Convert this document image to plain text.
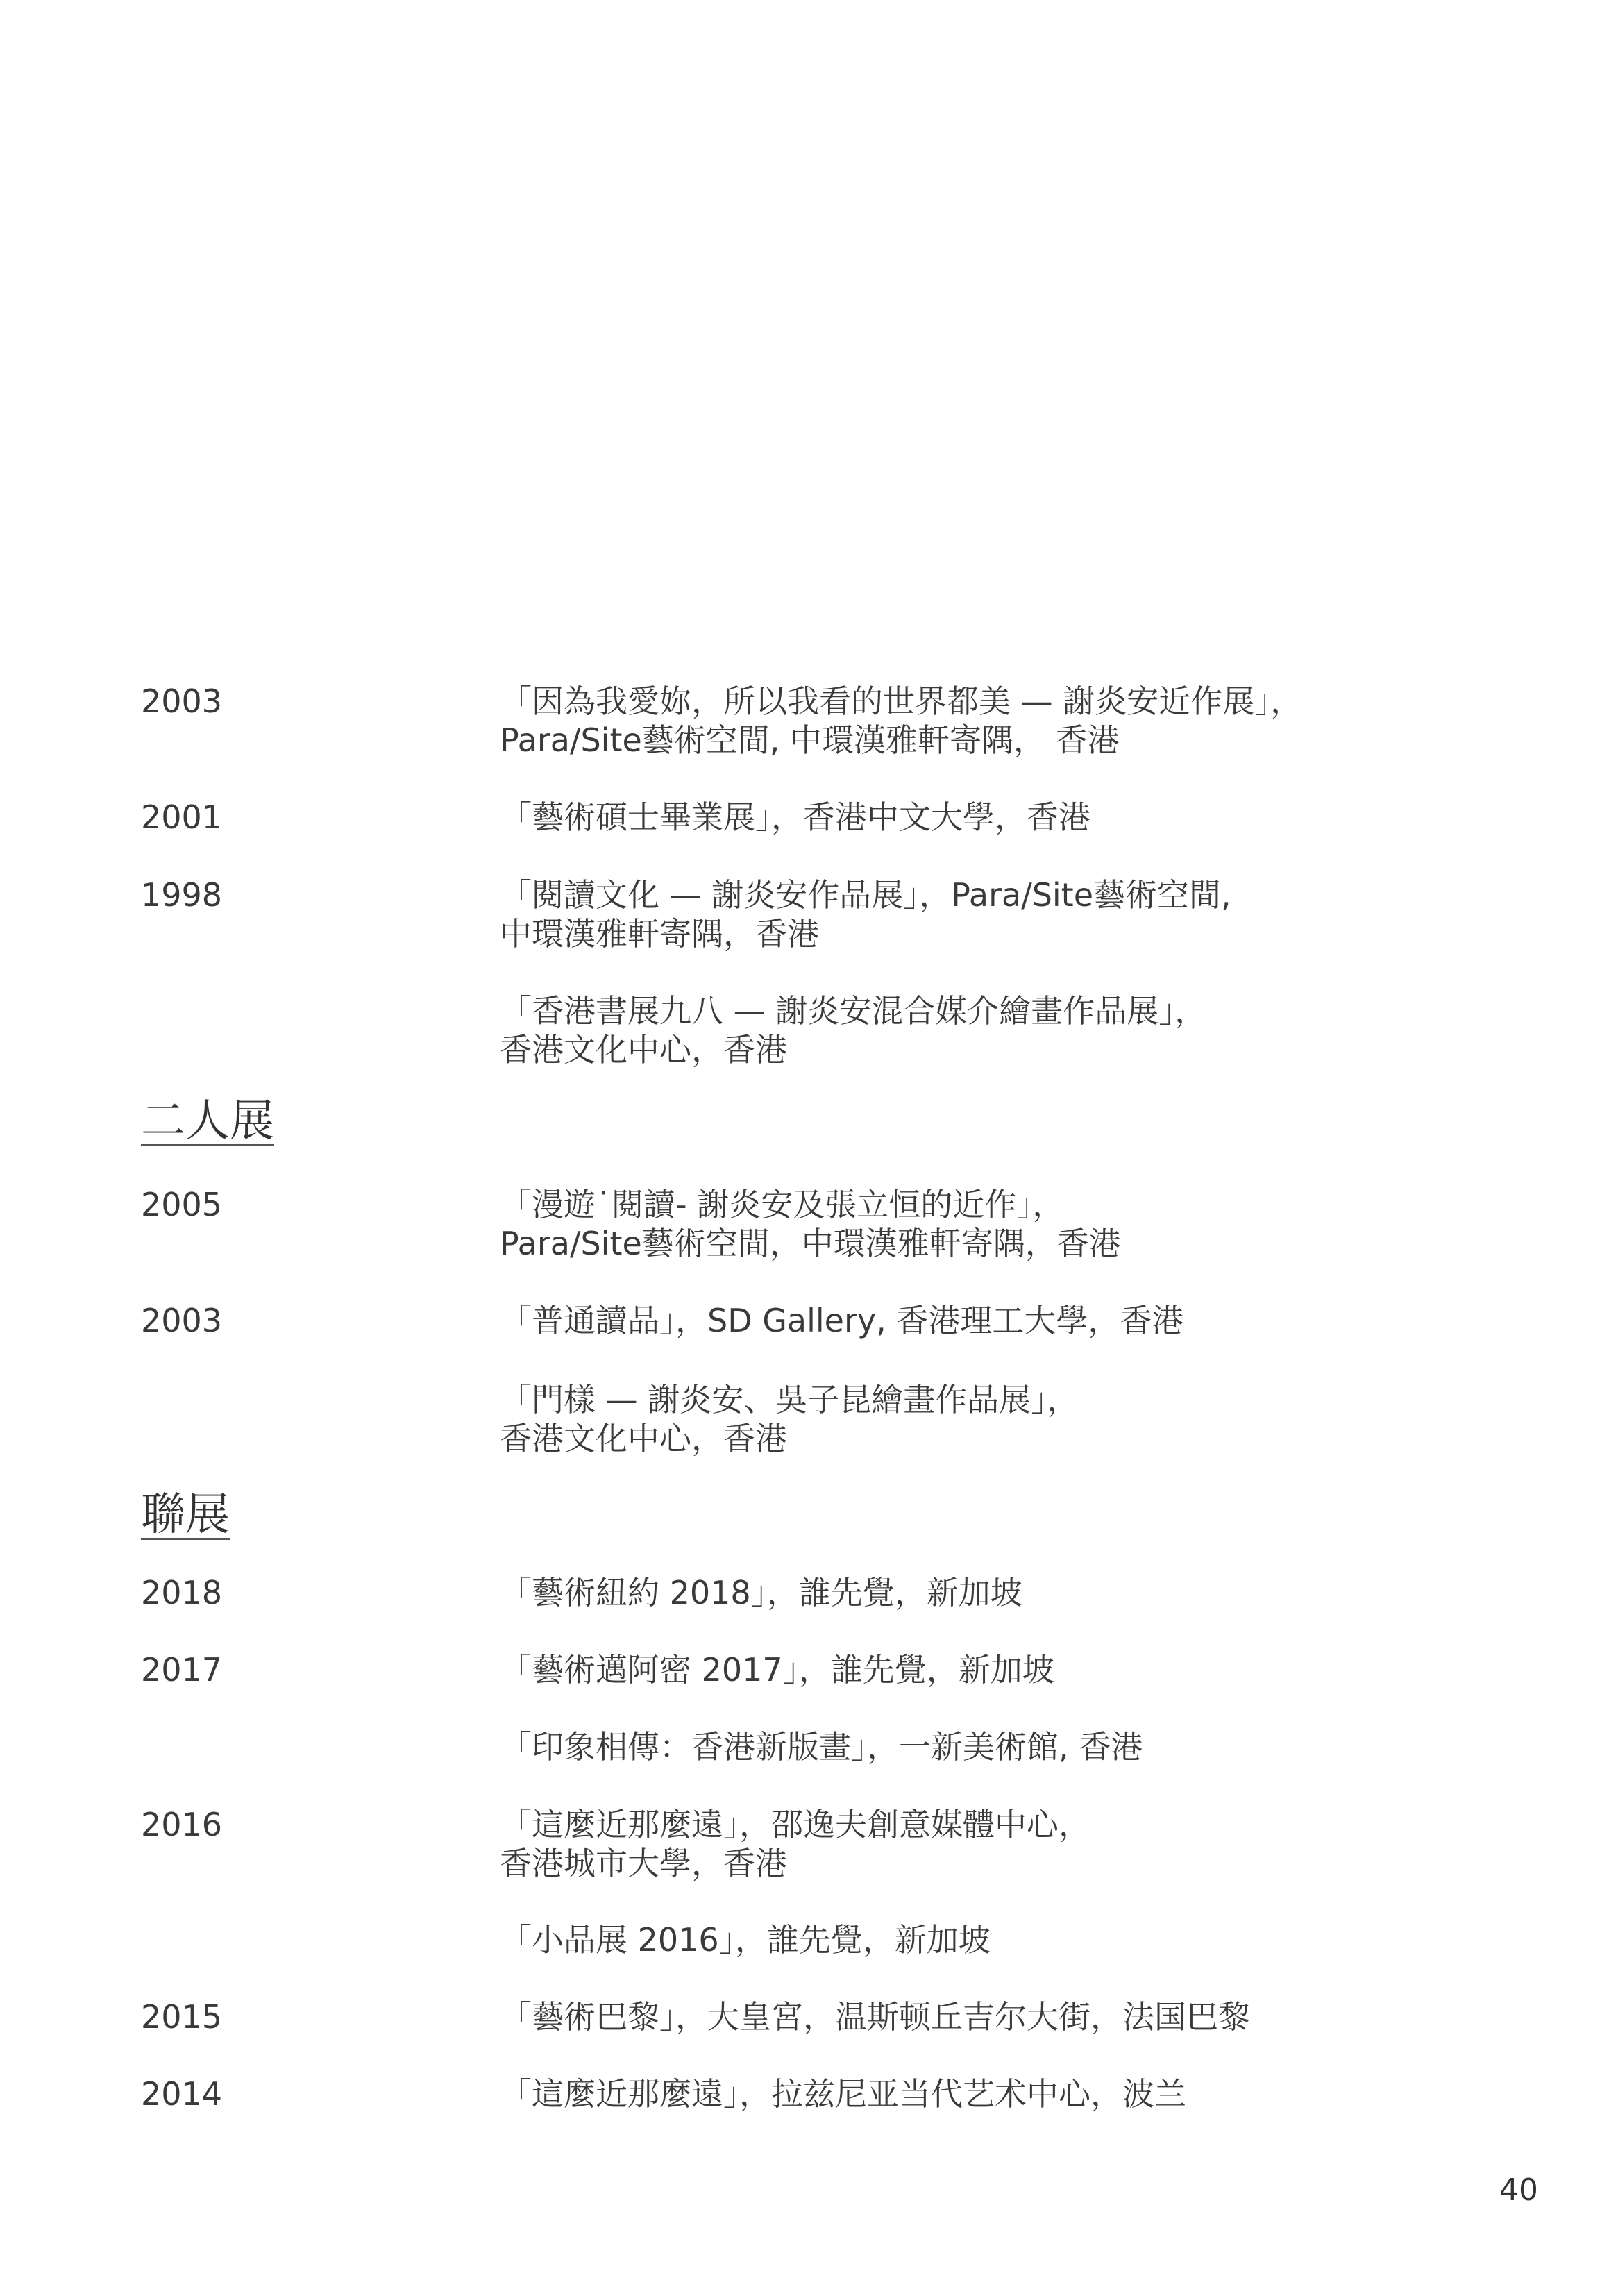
2003	「因為我愛妳，所以我看的世界都美 — 謝炎安近作展」，
Para/Site藝術空間, 中環漢雅軒寄隅， 香港
2001	「藝術碩士畢業展」，香港中文大學，香港
1998	「閱讀文化 — 謝炎安作品展」，Para/Site藝術空間,
中環漢雅軒寄隅，香港
「香港書展九八 — 謝炎安混合媒介繪畫作品展」，
香港文化中心，香港
二人展
2005	「漫遊˙閱讀- 謝炎安及張立恒的近作」，
Para/Site藝術空間，中環漢雅軒寄隅，香港
2003	「普通讀品」，SD Gallery, 香港理工大學，香港
「門樣 — 謝炎安、吳子昆繪畫作品展」，
香港文化中心，香港
聯展
2018	「藝術紐約 2018」，誰先覺，新加坡
2017	「藝術邁阿密 2017」，誰先覺，新加坡
「印象相傳：香港新版畫」，一新美術館, 香港
2016	「這麼近那麼遠」，邵逸夫創意媒體中心，
香港城市大學，香港
「小品展 2016」，誰先覺，新加坡
2015	「藝術巴黎」，大皇宮，温斯顿丘吉尔大街，法国巴黎
2014	「這麼近那麼遠」，拉兹尼亚当代艺术中心，波兰
40
